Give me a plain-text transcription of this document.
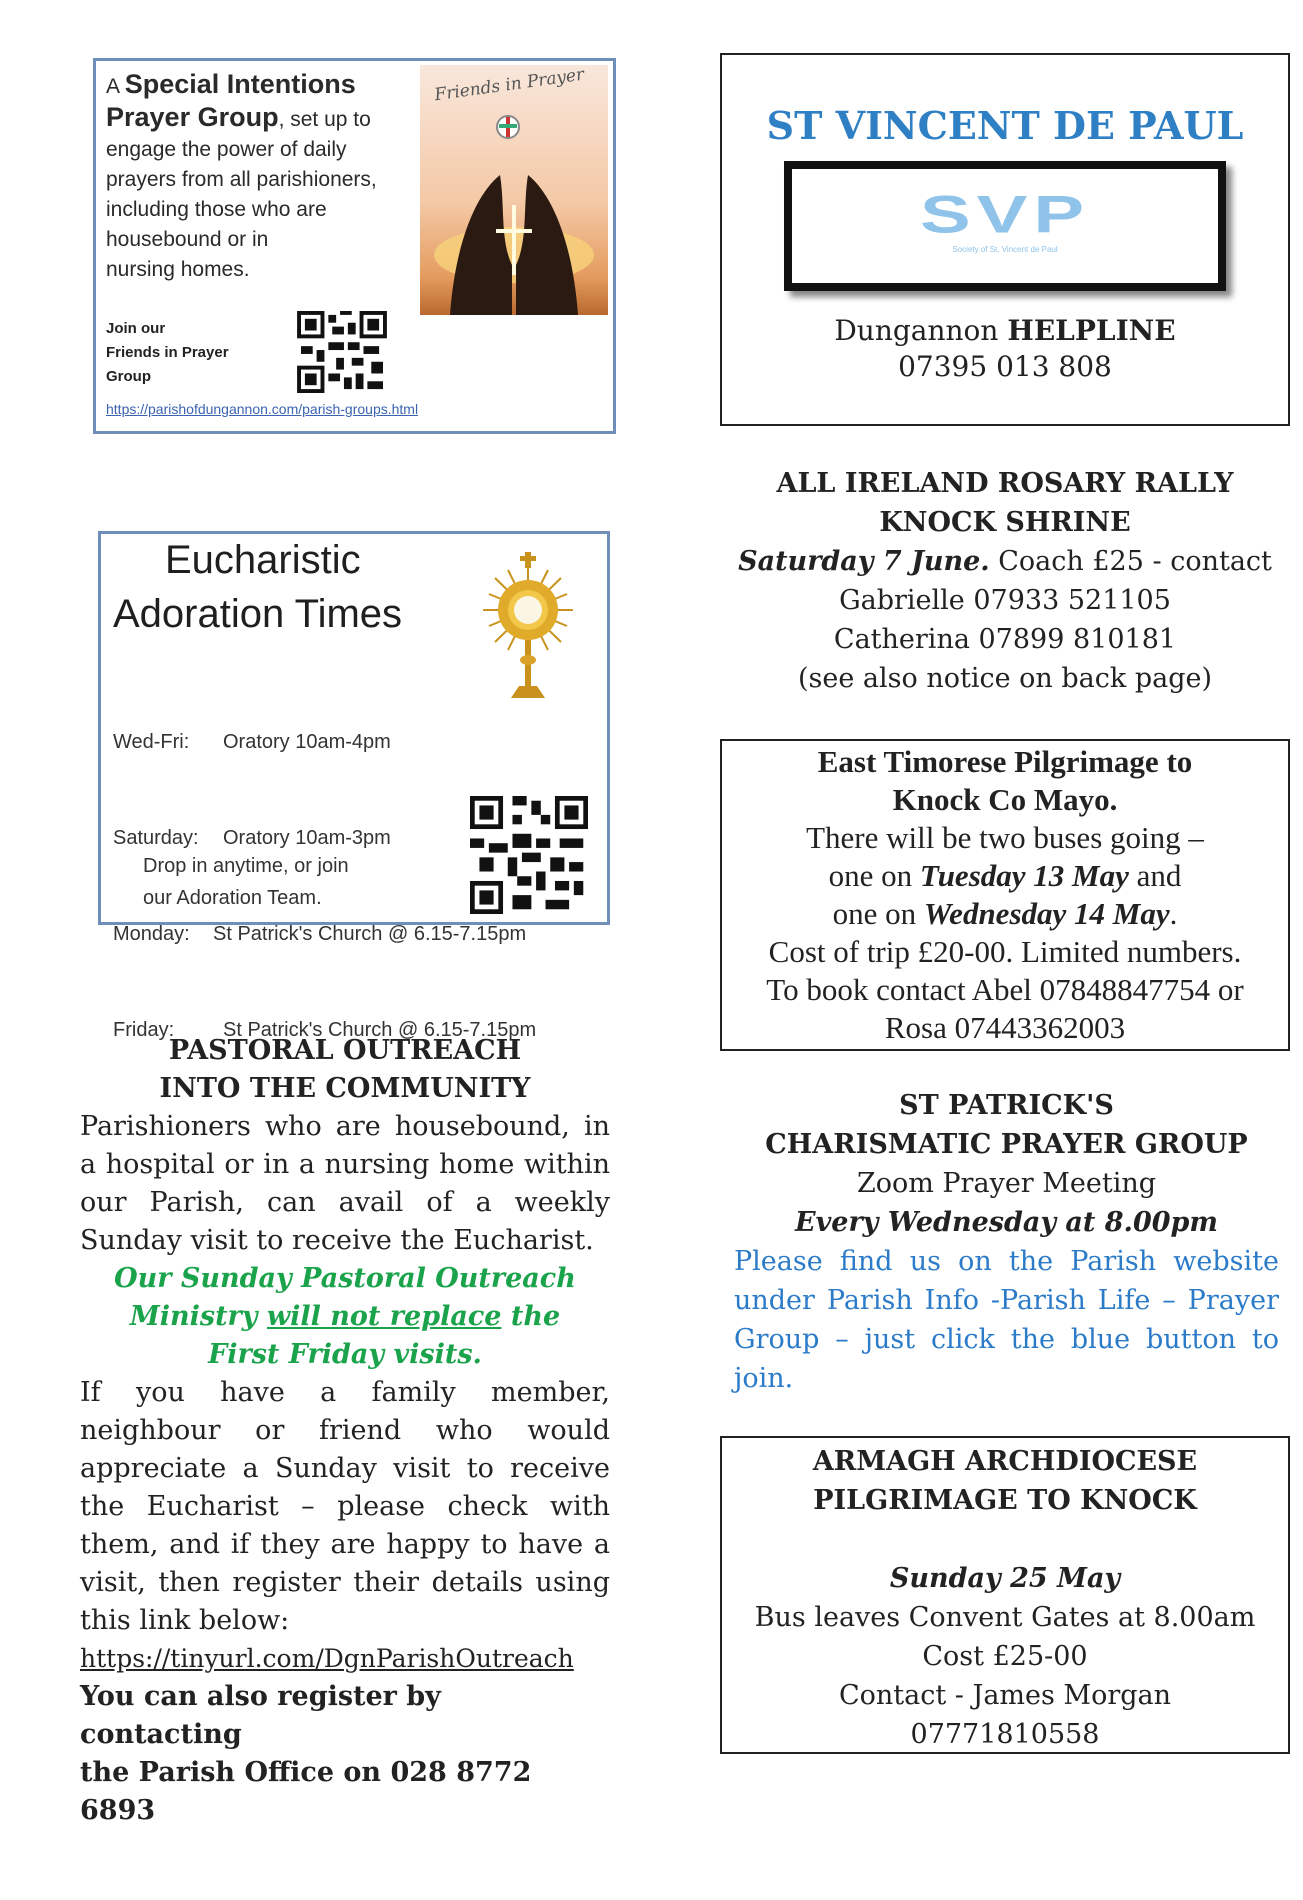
A Special Intentions
Prayer Group, set up to
engage the power of daily
prayers from all parishioners,
including those who are
housebound or in
nursing homes.
Friends in Prayer
Join our
Friends in Prayer
Group
https://parishofdungannon.com/parish-groups.html
Eucharistic
Adoration Times

Wed-Fri: Oratory 10am-4pm

Saturday: Oratory 10am-3pm

Monday: St Patrick's Church @ 6.15-7.15pm

Friday: St Patrick's Church @ 6.15-7.15pm

Drop in anytime, or join
our Adoration Team.
PASTORAL OUTREACH
INTO THE COMMUNITY
Parishioners who are housebound, in
a hospital or in a nursing home within
our Parish, can avail of a weekly
Sunday visit to receive the Eucharist.
Our Sunday Pastoral Outreach
Ministry will not replace the
First Friday visits.
If you have a family member,
neighbour or friend who would
appreciate a Sunday visit to receive
the Eucharist – please check with
them, and if they are happy to have a
visit, then register their details using
this link below:
https://tinyurl.com/DgnParishOutreach
You can also register by contacting
the Parish Office on 028 8772 6893
ST VINCENT DE PAUL
SVP
Society of St. Vincent de Paul
Dungannon HELPLINE
07395 013 808
ALL IRELAND ROSARY RALLY
KNOCK SHRINE
Saturday 7 June. Coach £25 - contact
Gabrielle 07933 521105
Catherina 07899 810181
(see also notice on back page)
East Timorese Pilgrimage to
Knock Co Mayo.
There will be two buses going –
one on Tuesday 13 May and
one on Wednesday 14 May.
Cost of trip £20-00. Limited numbers.
To book contact Abel 07848847754 or
Rosa 07443362003
ST PATRICK'S
CHARISMATIC PRAYER GROUP
Zoom Prayer Meeting
Every Wednesday at 8.00pm
Please find us on the Parish website
under Parish Info -Parish Life – Prayer
Group – just click the blue button to
join.
ARMAGH ARCHDIOCESE
PILGRIMAGE TO KNOCK
Sunday 25 May
Bus leaves Convent Gates at 8.00am
Cost £25-00
Contact - James Morgan
07771810558
